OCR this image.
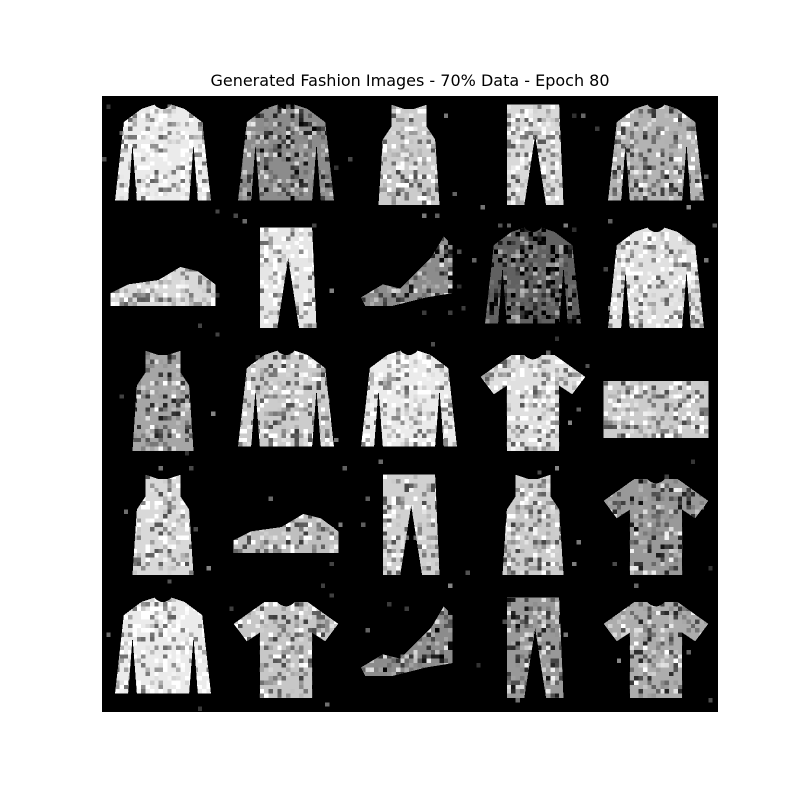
Generated Fashion Images - 70% Data - Epoch 80
